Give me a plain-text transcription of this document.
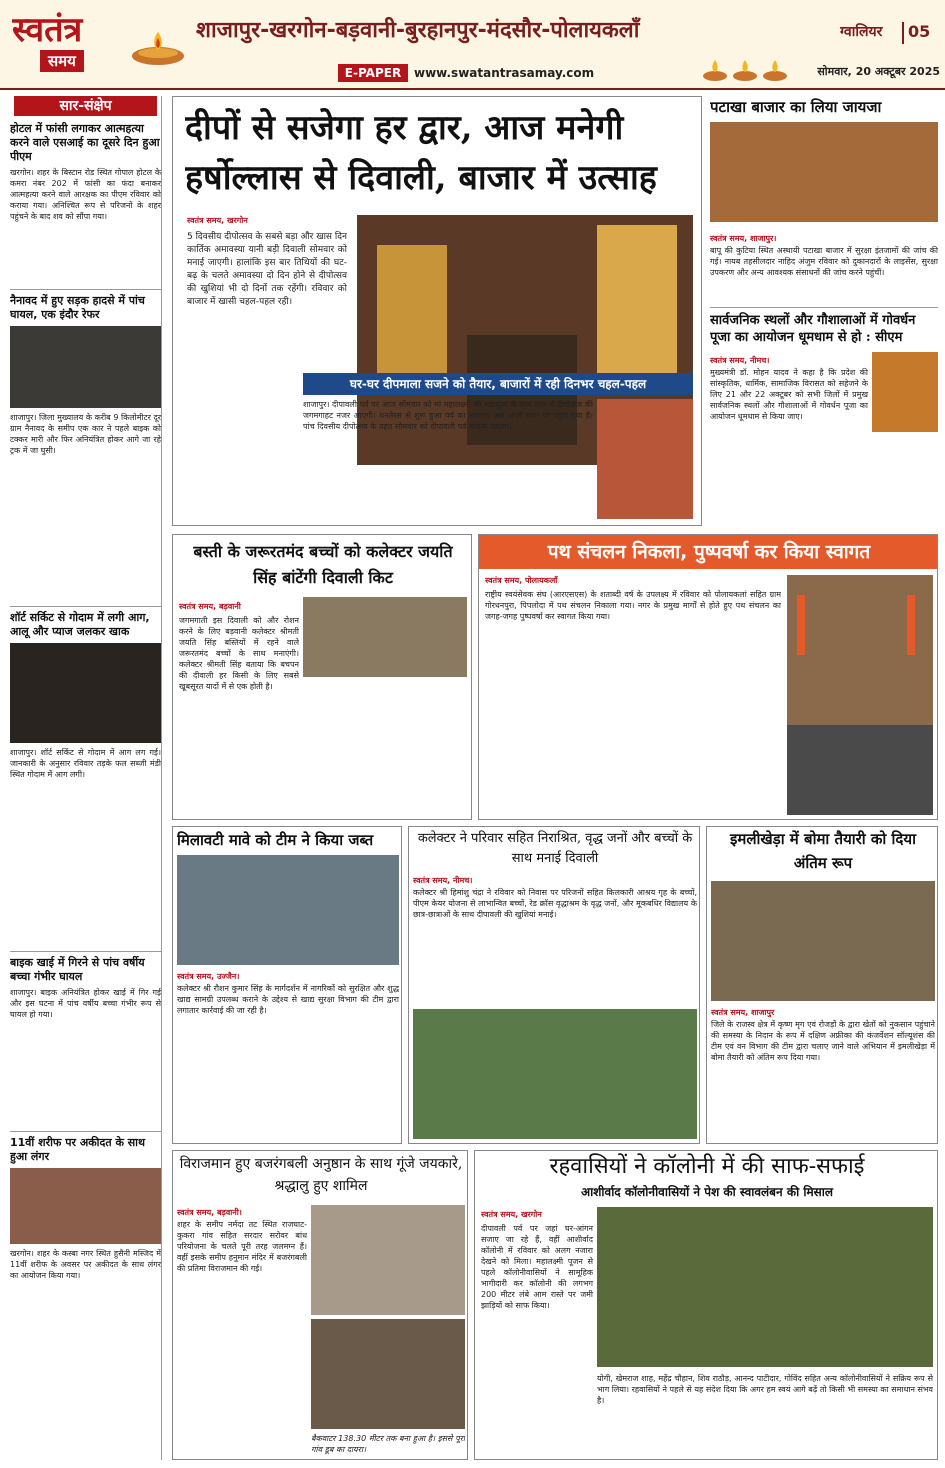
स्वतंत्र
समय
शाजापुर-खरगोन-बड़वानी-बुरहानपुर-मंदसौर-पोलायकलाँ
E-PAPER	www.swatantrasamay.com
ग्वालियर	05
सोमवार, 20 अक्टूबर 2025
सार-संक्षेप
होटल में फांसी लगाकर आत्महत्या करने वाले एसआई का दूसरे दिन हुआ पीएम
खरगोन। शहर के बिस्टान रोड स्थित गोपाल होटल के कमरा नंबर 202 में फांसी का फंदा बनाकर आत्महत्या करने वाले आरक्षक का पीएम रविवार को कराया गया। अनिश्चित रूप से परिजनों के शहर पहुंचने के बाद शव को सौंपा गया।
नैनावद में हुए सड़क हादसे में पांच घायल, एक इंदौर रेफर
शाजापुर। जिला मुख्यालय के करीब 9 किलोमीटर दूर ग्राम नैनावद के समीप एक कार ने पहले बाइक को टक्कर मारी और फिर अनियंत्रित होकर आगे जा रहे ट्रक में जा घुसी।
शॉर्ट सर्किट से गोदाम में लगी आग, आलू और प्याज जलकर खाक
शाजापुर। शॉर्ट सर्किट से गोदाम में आग लग गई। जानकारी के अनुसार रविवार तड़के फल सब्जी मंडी स्थित गोदाम में आग लगी।
बाइक खाई में गिरने से पांच वर्षीय बच्चा गंभीर घायल
शाजापुर। बाइक अनियंत्रित होकर खाई में गिर गई और इस घटना में पांच वर्षीय बच्चा गंभीर रूप से घायल हो गया।
11वीं शरीफ पर अकीदत के साथ हुआ लंगर
खरगोन। शहर के कस्बा नगर स्थित हुसैनी मस्जिद में 11वीं शरीफ के अवसर पर अकीदत के साथ लंगर का आयोजन किया गया।
दीपों से सजेगा हर द्वार, आज मनेगी हर्षोल्लास से दिवाली, बाजार में उत्साह
स्वतंत्र समय, खरगोन
5 दिवसीय दीपोत्सव के सबसे बड़ा और खास दिन कार्तिक अमावस्या यानी बड़ी दिवाली सोमवार को मनाई जाएगी। हालांकि इस बार तिथियों की घट-बढ़ के चलते अमावस्या दो दिन होने से दीपोत्सव की खुशियां भी दो दिनों तक रहेंगी। रविवार को बाजार में खासी चहल-पहल रही।
घर-घर दीपमाला सजने को तैयार, बाजारों में रही दिनभर चहल-पहल
शाजापुर। दीपावली पर्व पर आज सोमवार को मां महालक्ष्मी की महापूजा के साथ नगर में दीपोत्सव की जगमगाहट नजर आएगी। धनतेरस से शुरू हुआ पर्व का उल्लास अब अपने चरम पर पहुंच गया है। पांच दिवसीय दीपोत्सव के तहत सोमवार को दीपावली पर्व मनाया जाएगा।
पटाखा बाजार का लिया जायजा
स्वतंत्र समय, शाजापुर।
बापू की कुटिया स्थित अस्थायी पटाखा बाजार में सुरक्षा इंतजामों की जांच की गई। नायब तहसीलदार नाहिद अंजुम रविवार को दुकानदारों के लाइसेंस, सुरक्षा उपकरण और अन्य आवश्यक संसाधनों की जांच करने पहुंचीं।
सार्वजनिक स्थलों और गौशालाओं में गोवर्धन पूजा का आयोजन धूमधाम से हो : सीएम
स्वतंत्र समय, नीमच।
मुख्यमंत्री डॉ. मोहन यादव ने कहा है कि प्रदेश की सांस्कृतिक, धार्मिक, सामाजिक विरासत को सहेजने के लिए 21 और 22 अक्टूबर को सभी जिलों में प्रमुख सार्वजनिक स्थलों और गौशालाओं में गोवर्धन पूजा का आयोजन धूमधाम से किया जाए।
बस्ती के जरूरतमंद बच्चों को कलेक्टर जयति सिंह बांटेंगी दिवाली किट
स्वतंत्र समय, बड़वानी
जगमगाती इस दिवाली को और रोशन करने के लिए बड़वानी कलेक्टर श्रीमती जयति सिंह बस्तियों में रहने वाले जरूरतमंद बच्चों के साथ मनाएंगी। कलेक्टर श्रीमती सिंह बताया कि बचपन की दीवाली हर किसी के लिए सबसे खूबसूरत यादों में से एक होती है।
पथ संचलन निकला, पुष्पवर्षा कर किया स्वागत
स्वतंत्र समय, पोलायकलाँ
राष्ट्रीय स्वयंसेवक संघ (आरएसएस) के शताब्दी वर्ष के उपलक्ष्य में रविवार को पोलायकलां सहित ग्राम गोरधनपुरा, पिपलोदा में पथ संचलन निकाला गया। नगर के प्रमुख मार्गों से होते हुए पथ संचलन का जगह-जगह पुष्पवर्षा कर स्वागत किया गया।
मिलावटी मावे को टीम ने किया जब्त
स्वतंत्र समय, उज्जैन।
कलेक्टर श्री रौशन कुमार सिंह के मार्गदर्शन में नागरिकों को सुरक्षित और शुद्ध खाद्य सामग्री उपलब्ध कराने के उद्देश्य से खाद्य सुरक्षा विभाग की टीम द्वारा लगातार कार्रवाई की जा रही है।
कलेक्टर ने परिवार सहित निराश्रित, वृद्ध जनों और बच्चों के साथ मनाई दिवाली
स्वतंत्र समय, नीमच।
कलेक्टर श्री हिमांशु चंद्रा ने रविवार को निवास पर परिजनों सहित किलकारी आश्रय गृह के बच्चों, पीएम केयर योजना से लाभान्वित बच्चों, रेड क्रॉस वृद्धाश्रम के वृद्ध जनों, और मूकबधिर विद्यालय के छात्र-छात्राओं के साथ दीपावली की खुशियां मनाई।
इमलीखेड़ा में बोमा तैयारी को दिया अंतिम रूप
स्वतंत्र समय, शाजापुर
जिले के राजस्व क्षेत्र में कृष्ण मृग एवं रोजड़ों के द्वारा खेतों को नुकसान पहुंचाने की समस्या के निदान के रूप में दक्षिण अफ्रीका की कंजर्वेशन सॉल्यूशंस की टीम एवं वन विभाग की टीम द्वारा चलाए जाने वाले अभियान में इमलीखेड़ा में बोमा तैयारी को अंतिम रूप दिया गया।
विराजमान हुए बजरंगबली अनुष्ठान के साथ गूंजे जयकारे, श्रद्धालु हुए शामिल
स्वतंत्र समय, बड़वानी।
शहर के समीप नर्मदा तट स्थित राजघाट-कुकरा गांव सहित सरदार सरोवर बांध परियोजना के चलते पूरी तरह जलमग्न हैं। वहीं इसके समीप हनुमान मंदिर में बजरंगबली की प्रतिमा विराजमान की गई।
बैकवाटर 138.30 मीटर तक बना हुआ है। इससे पूरा गांव डूब का दायरा।
रहवासियों ने कॉलोनी में की साफ-सफाई
आशीर्वाद कॉलोनीवासियों ने पेश की स्वावलंबन की मिसाल
स्वतंत्र समय, खरगोन
दीपावली पर्व पर जहां घर-आंगन सजाए जा रहे हैं, वहीं आशीर्वाद कॉलोनी में रविवार को अलग नजारा देखने को मिला। महालक्ष्मी पूजन से पहले कॉलोनीवासियों ने सामूहिक भागीदारी कर कॉलोनी की लगभग 200 मीटर लंबे आम रास्ते पर जमी झाड़ियों को साफ किया।
योगी, खेमराज शाह, महेंद्र चौहान, शिव राठौड़, आनन्द पाटीदार, गोविंद सहित अन्य कॉलोनीवासियों ने सक्रिय रूप से भाग लिया। रहवासियों ने पहले से यह संदेश दिया कि अगर हम स्वयं आगे बढ़ें तो किसी भी समस्या का समाधान संभव है।
